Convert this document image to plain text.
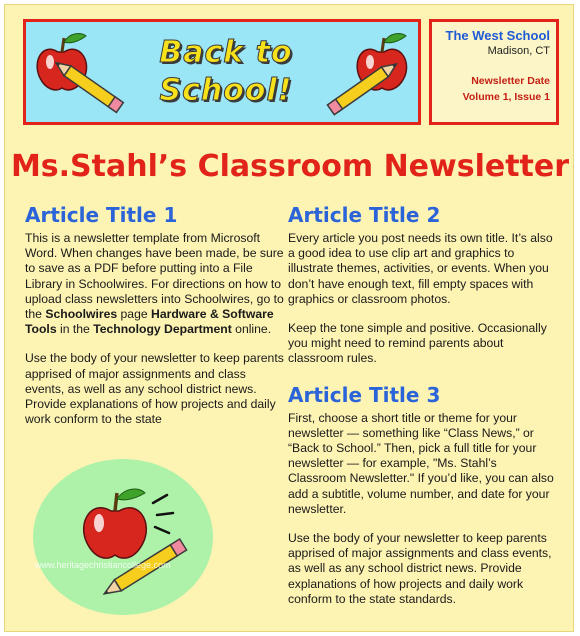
Back to
School!
The West School
Madison, CT
Newsletter Date
Volume 1, Issue 1
Ms.Stahl’s Classroom Newsletter
Article Title 1

This is a newsletter template from Microsoft Word. When changes have been made, be sure to save as a PDF before putting into a File Library in Schoolwires. For directions on how to upload class newsletters into Schoolwires, go to the Schoolwires page Hardware & Software Tools in the Technology Department online.

Use the body of your newsletter to keep parents apprised of major assignments and class events, as well as any school district news. Provide explanations of how projects and daily work conform to the state

www.heritagechristiancollege.com
Article Title 2

Every article you post needs its own title. It’s also a good idea to use clip art and graphics to illustrate themes, activities, or events. When you don’t have enough text, fill empty spaces with graphics or classroom photos.

Keep the tone simple and positive. Occasionally you might need to remind parents about classroom rules.

Article Title 3

First, choose a short title or theme for your newsletter — something like “Class News,” or “Back to School.” Then, pick a full title for your newsletter — for example, "Ms. Stahl’s Classroom Newsletter." If you’d like, you can also add a subtitle, volume number, and date for your newsletter.

Use the body of your newsletter to keep parents apprised of major assignments and class events, as well as any school district news. Provide explanations of how projects and daily work conform to the state standards.
